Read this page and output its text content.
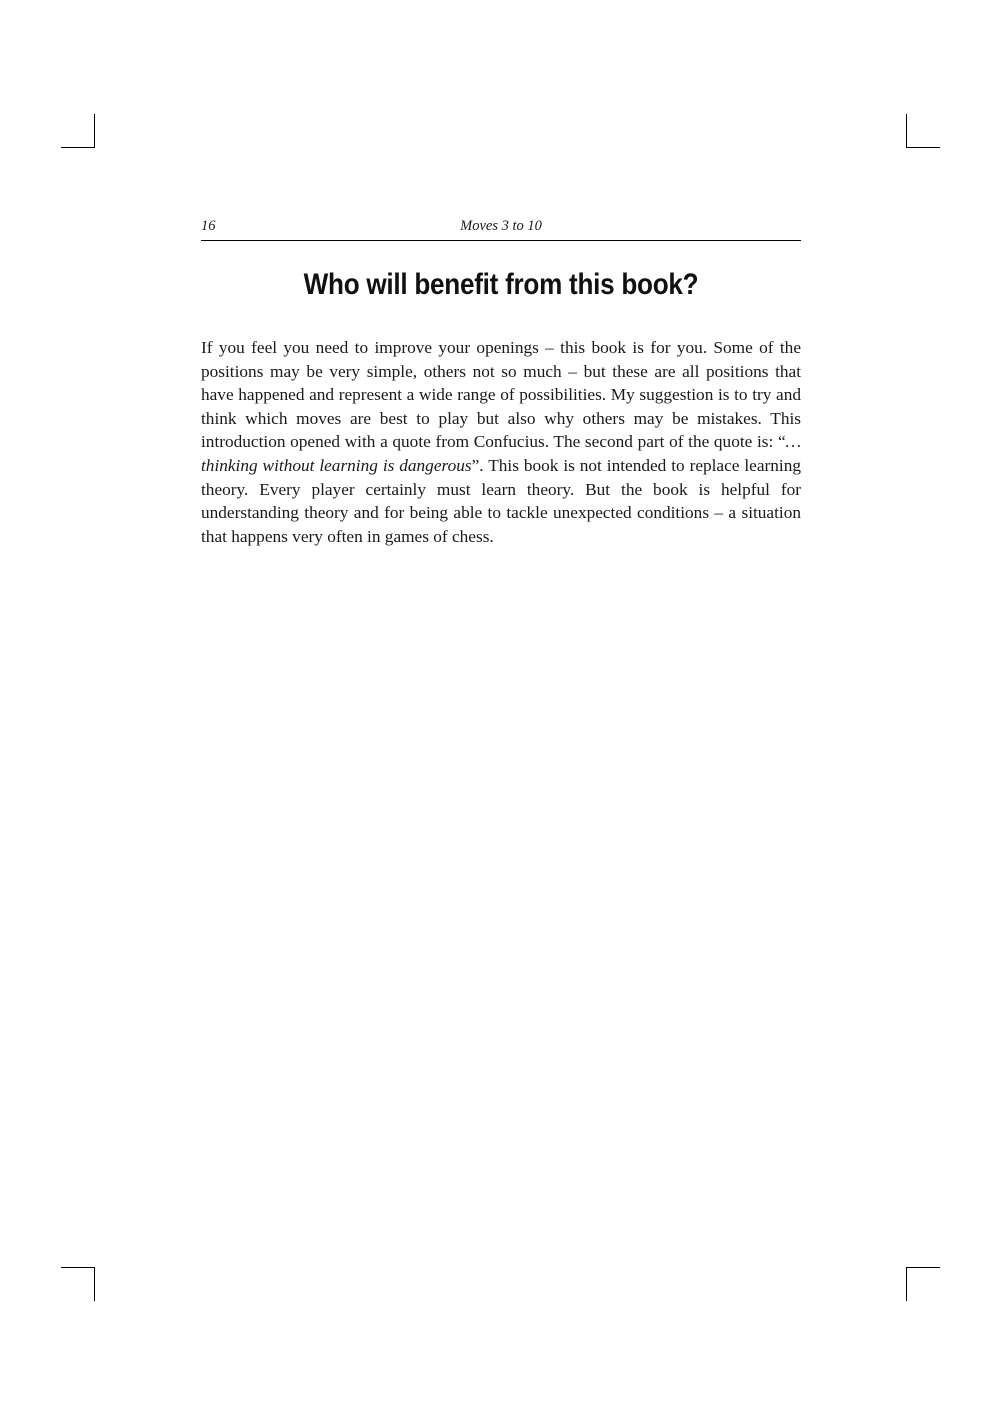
16	Moves 3 to 10
Who will benefit from this book?

If you feel you need to improve your openings – this book is for you. Some of the positions may be very simple, others not so much – but these are all positions that have happened and represent a wide range of possibilities. My suggestion is to try and think which moves are best to play but also why others may be mistakes. This introduction opened with a quote from Confucius. The second part of the quote is: “…thinking without learning is dangerous”. This book is not intended to replace learning theory. Every player certainly must learn theory. But the book is helpful for understanding theory and for being able to tackle unexpected conditions – a situation that happens very often in games of chess.
